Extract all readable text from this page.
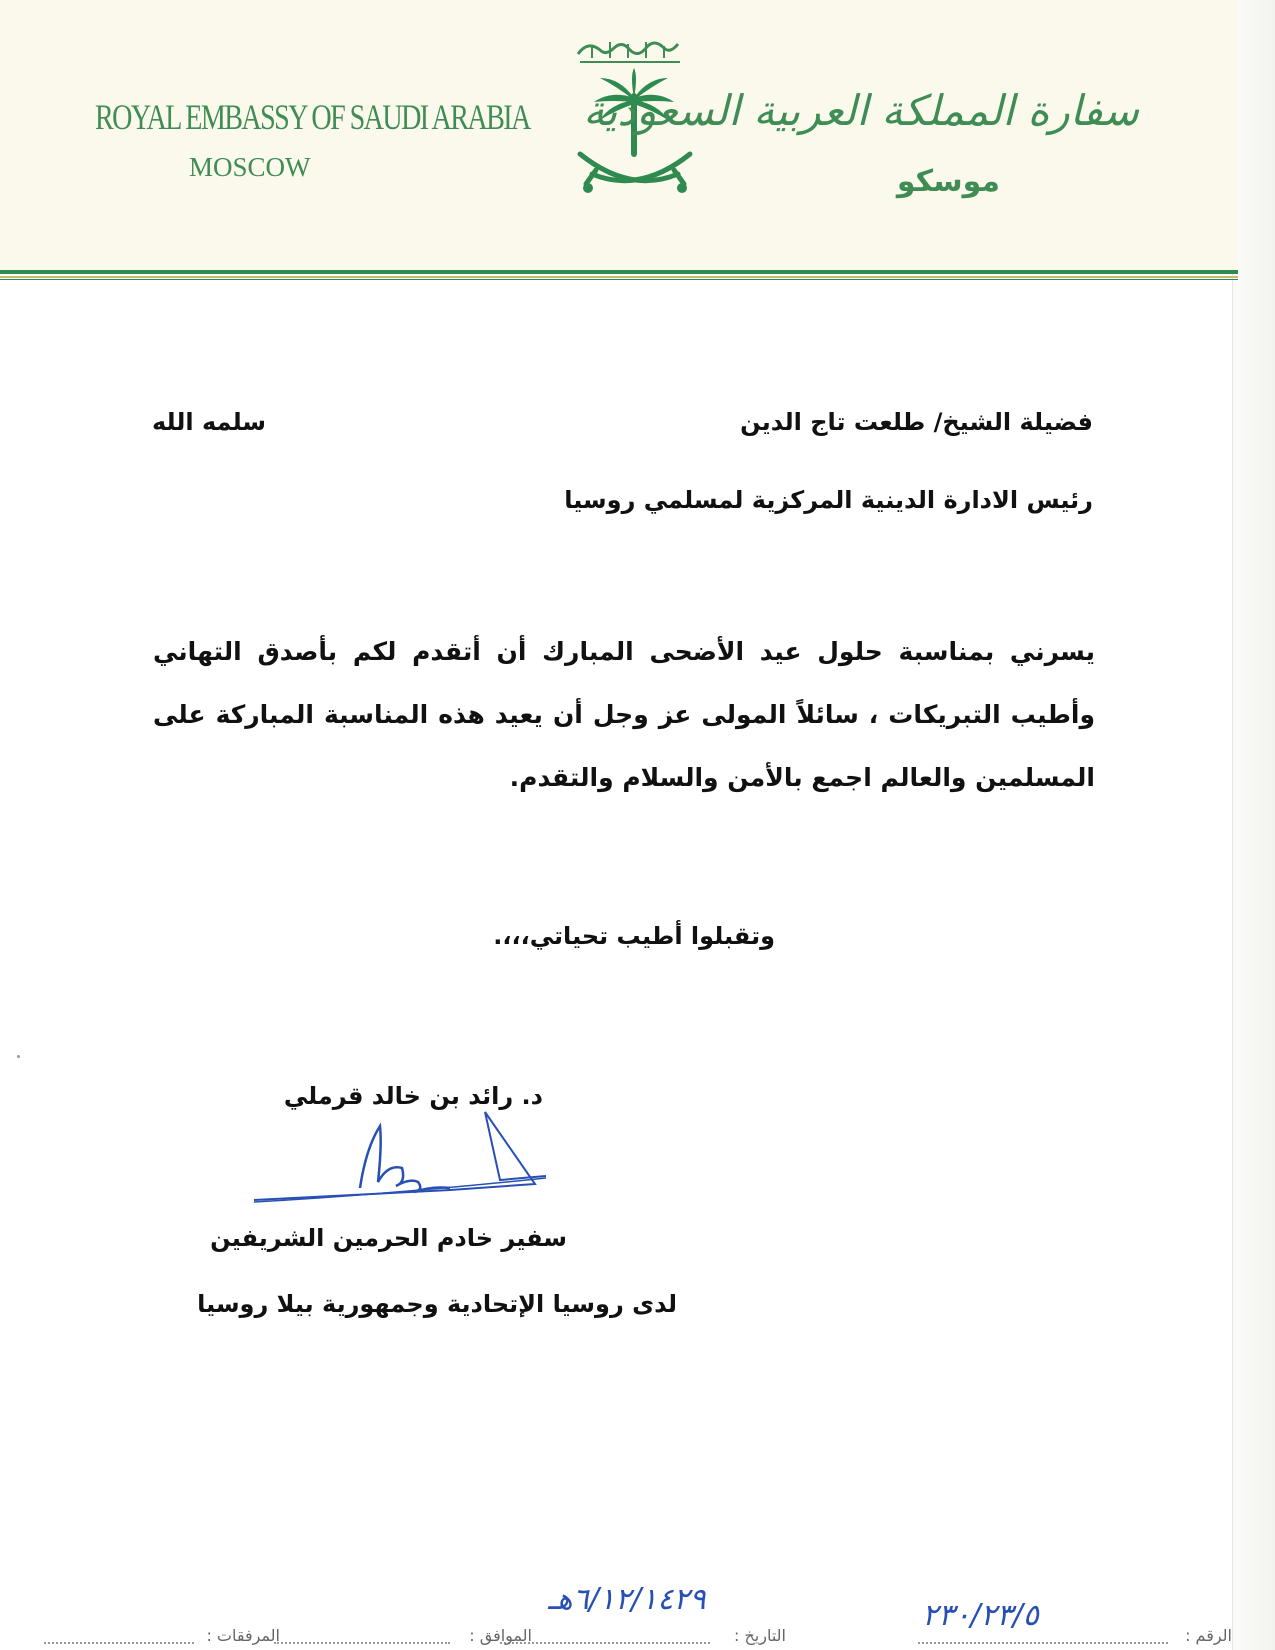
ROYAL EMBASSY OF SAUDI ARABIA
MOSCOW
سفارة المملكة العربية السعودية
موسكو
فضيلة الشيخ/ طلعت تاج الدين
سلمه الله
رئيس الادارة الدينية المركزية لمسلمي روسيا
يسرني بمناسبة حلول عيد الأضحى المبارك أن أتقدم لكم بأصدق التهاني وأطيب التبريكات ، سائلاً المولى عز وجل أن يعيد هذه المناسبة المباركة على المسلمين والعالم اجمع بالأمن والسلام والتقدم.
وتقبلوا أطيب تحياتي،،،.
د. رائد بن خالد قرملي
سفير خادم الحرمين الشريفين
لدى روسيا الإتحادية وجمهورية بيلا روسيا
الرقم :
التاريخ :
الموافق :
المرفقات :
٢٣٠/٢٣/٥
٦/١٢/١٤٢٩هـ
